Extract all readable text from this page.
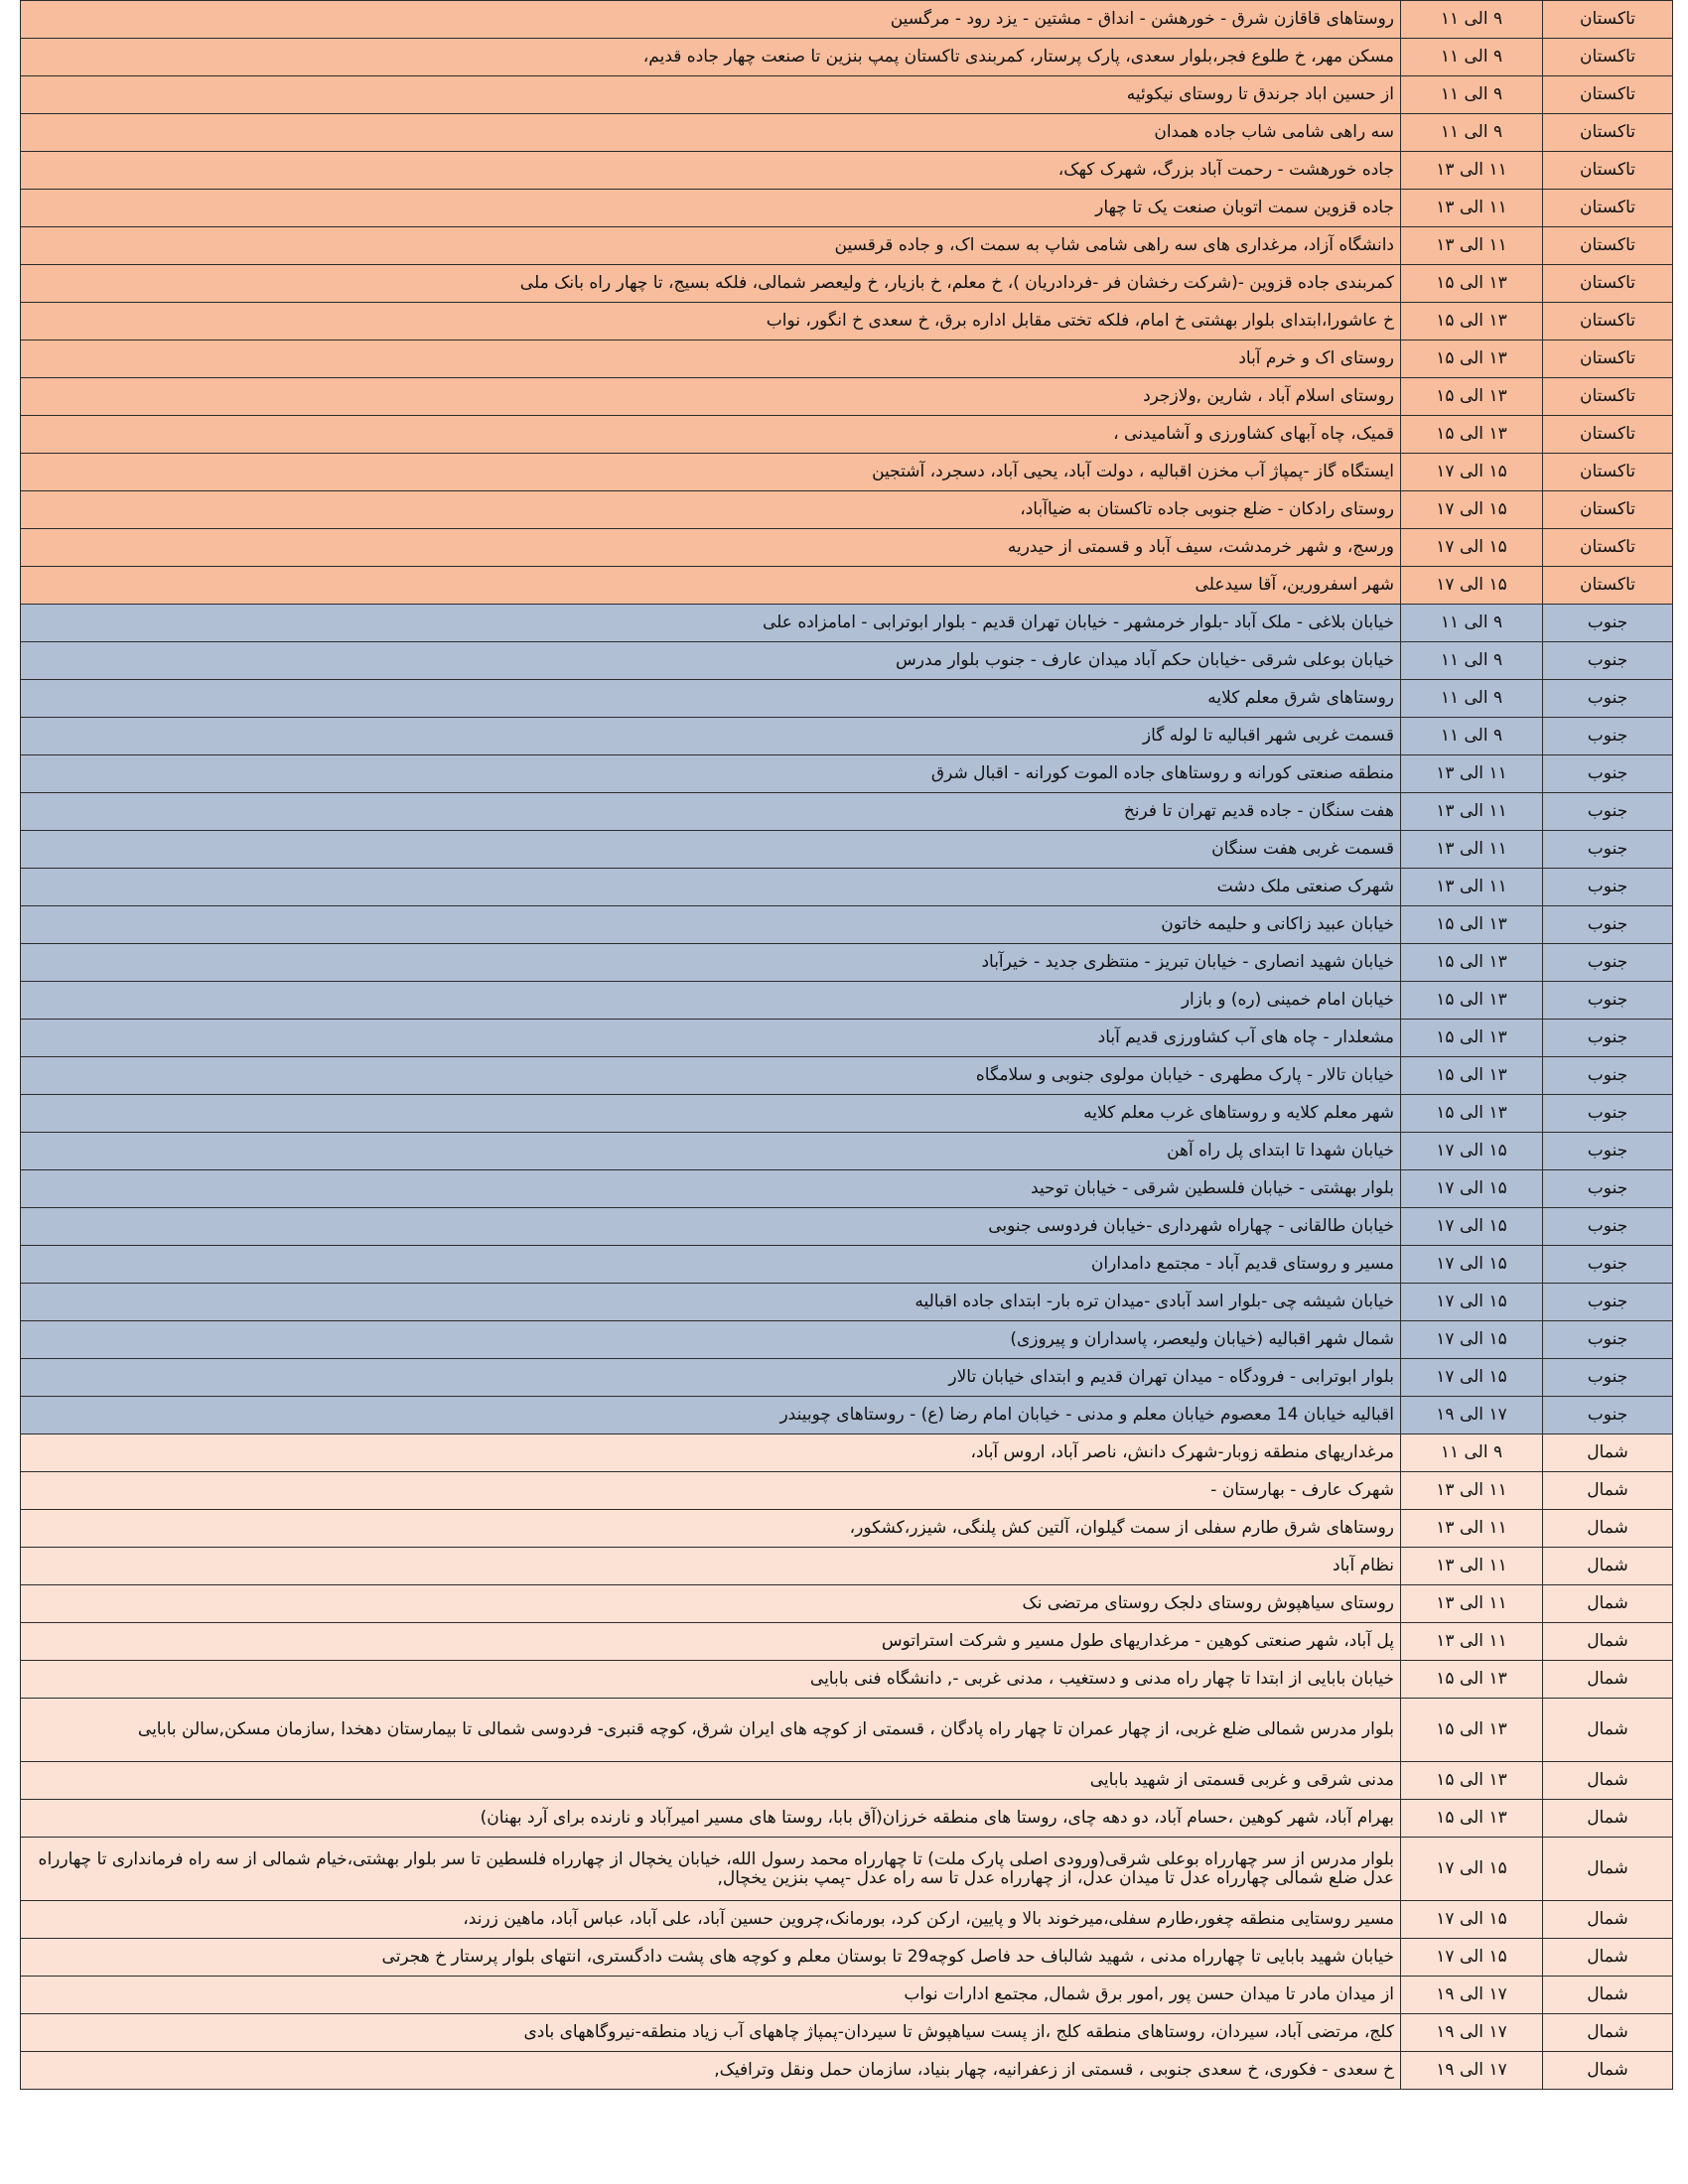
تاکستان	۹ الی ۱۱	روستاهای قاقازن شرق - خورهشن - انداق - مشتین - یزد رود - مرگسین
تاکستان	۹ الی ۱۱	مسکن مهر، خ طلوع فجر،بلوار سعدی، پارک پرستار، کمربندی تاکستان پمپ بنزین تا صنعت چهار جاده قدیم،
تاکستان	۹ الی ۱۱	از حسین اباد جرندق تا روستای نیکوئیه
تاکستان	۹ الی ۱۱	سه راهی شامی شاب جاده همدان
تاکستان	۱۱ الی ۱۳	جاده خورهشت - رحمت آباد بزرگ، شهرک کهک،
تاکستان	۱۱ الی ۱۳	جاده قزوین سمت اتوبان صنعت یک تا چهار
تاکستان	۱۱ الی ۱۳	دانشگاه آزاد، مرغداری های سه راهی شامی شاپ به سمت اک، و جاده قرقسین
تاکستان	۱۳ الی ۱۵	کمربندی جاده قزوین -(شرکت رخشان فر -فردادریان )، خ معلم، خ بازیار، خ ولیعصر شمالی، فلکه بسیج، تا چهار راه بانک ملی
تاکستان	۱۳ الی ۱۵	خ عاشورا،ابتدای بلوار بهشتی خ امام، فلکه تختی مقابل اداره برق، خ سعدی خ انگور، نواب
تاکستان	۱۳ الی ۱۵	روستای اک و خرم آباد
تاکستان	۱۳ الی ۱۵	روستای اسلام آباد ، شارین ,ولازجرد
تاکستان	۱۳ الی ۱۵	قمیک، چاه آبهای کشاورزی و آشامیدنی ،
تاکستان	۱۵ الی ۱۷	ایستگاه گاز -پمپاژ آب مخزن اقبالیه ، دولت آباد، یحیی آباد، دسجرد، آشتجین
تاکستان	۱۵ الی ۱۷	روستای رادکان - ضلع جنوبی جاده تاکستان به ضیاآباد،
تاکستان	۱۵ الی ۱۷	ورسج، و شهر خرمدشت، سیف آباد و قسمتی از حیدریه
تاکستان	۱۵ الی ۱۷	شهر اسفرورین، آقا سیدعلی
جنوب	۹ الی ۱۱	خیابان بلاغی - ملک آباد -بلوار خرمشهر - خیابان تهران قدیم - بلوار ابوترابی - امامزاده علی
جنوب	۹ الی ۱۱	خیابان بوعلی شرقی -خیابان حکم آباد میدان عارف - جنوب بلوار مدرس
جنوب	۹ الی ۱۱	روستاهای شرق معلم کلایه
جنوب	۹ الی ۱۱	قسمت غربی شهر اقبالیه تا لوله گاز
جنوب	۱۱ الی ۱۳	منطقه صنعتی کورانه و روستاهای جاده الموت کورانه - اقبال شرق
جنوب	۱۱ الی ۱۳	هفت سنگان - جاده قدیم تهران تا فرنخ
جنوب	۱۱ الی ۱۳	قسمت غربی هفت سنگان
جنوب	۱۱ الی ۱۳	شهرک صنعتی ملک دشت
جنوب	۱۳ الی ۱۵	خیابان عبید زاکانی و حلیمه خاتون
جنوب	۱۳ الی ۱۵	خیابان شهید انصاری - خیابان تبریز - منتظری جدید - خیرآباد
جنوب	۱۳ الی ۱۵	خیابان امام خمینی (ره) و بازار
جنوب	۱۳ الی ۱۵	مشعلدار - چاه های آب کشاورزی قدیم آباد
جنوب	۱۳ الی ۱۵	خیابان تالار - پارک مطهری - خیابان مولوی جنوبی و سلامگاه
جنوب	۱۳ الی ۱۵	شهر معلم کلایه و روستاهای غرب معلم کلایه
جنوب	۱۵ الی ۱۷	خیابان شهدا تا ابتدای پل راه آهن
جنوب	۱۵ الی ۱۷	بلوار بهشتی - خیابان فلسطین شرقی - خیابان توحید
جنوب	۱۵ الی ۱۷	خیابان طالقانی - چهاراه شهرداری -خیابان فردوسی جنوبی
جنوب	۱۵ الی ۱۷	مسیر و روستای قدیم آباد - مجتمع دامداران
جنوب	۱۵ الی ۱۷	خیابان شیشه چی -بلوار اسد آبادی -میدان تره بار- ابتدای جاده اقبالیه
جنوب	۱۵ الی ۱۷	شمال شهر اقبالیه (خیابان ولیعصر، پاسداران و پیروزی)
جنوب	۱۵ الی ۱۷	بلوار ابوترابی - فرودگاه - میدان تهران قدیم و ابتدای خیابان تالار
جنوب	۱۷ الی ۱۹	اقبالیه خیابان 14 معصوم خیابان معلم و مدنی - خیابان امام رضا (ع) - روستاهای چوبیندر
شمال	۹ الی ۱۱	مرغداریهای منطقه زوبار-شهرک دانش، ناصر آباد، اروس آباد،
شمال	۱۱ الی ۱۳	شهرک عارف - بهارستان -
شمال	۱۱ الی ۱۳	روستاهای شرق طارم سفلی از سمت گیلوان، آلتین کش پلنگی، شیزر،کشکور،
شمال	۱۱ الی ۱۳	نظام آباد
شمال	۱۱ الی ۱۳	روستای سیاهپوش روستای دلجک روستای مرتضی نک
شمال	۱۱ الی ۱۳	پل آباد، شهر صنعتی کوهین - مرغداریهای طول مسیر و شرکت استراتوس
شمال	۱۳ الی ۱۵	خیابان بابایی از ابتدا تا چهار راه مدنی و دستغیب ، مدنی غربی -, دانشگاه فنی بابایی
شمال	۱۳ الی ۱۵	بلوار مدرس شمالی ضلع غربی، از چهار عمران تا چهار راه پادگان ، قسمتی از کوچه های ایران شرق، کوچه قنبری- فردوسی شمالی تا بیمارستان دهخدا ,سازمان مسکن,سالن بابایی
شمال	۱۳ الی ۱۵	مدنی شرقی و غربی قسمتی از شهید بابایی
شمال	۱۳ الی ۱۵	بهرام آباد، شهر کوهین ،حسام آباد، دو دهه چای، روستا های منطقه خرزان(آق بابا، روستا های مسیر امیرآباد و نارنده برای آرد بهنان)
شمال	۱۵ الی ۱۷	بلوار مدرس از سر چهارراه بوعلی شرقی(ورودی اصلی پارک ملت) تا چهارراه محمد رسول الله، خیابان یخچال از چهارراه فلسطین تا سر بلوار بهشتی،خیام شمالی از سه راه فرمانداری تا چهارراه عدل ضلع شمالی چهارراه عدل تا میدان عدل، از چهارراه عدل تا سه راه عدل -پمپ بنزین یخچال,
شمال	۱۵ الی ۱۷	مسیر روستایی منطقه چغور،طارم سفلی،میرخوند بالا و پایین، ارکن کرد، بورمانک،چروین حسین آباد، علی آباد، عباس آباد، ماهین زرند،
شمال	۱۵ الی ۱۷	خیابان شهید بابایی تا چهارراه مدنی ، شهید شالباف حد فاصل کوچه29 تا بوستان معلم و کوچه های پشت دادگستری، انتهای بلوار پرستار خ هجرتی
شمال	۱۷ الی ۱۹	از میدان مادر تا میدان حسن پور ,امور برق شمال, مجتمع ادارات نواب
شمال	۱۷ الی ۱۹	کلج، مرتضی آباد، سیردان، روستاهای منطقه کلج ،از پست سیاهپوش تا سیردان-پمپاژ چاههای آب زیاد منطقه-نیروگاههای بادی
شمال	۱۷ الی ۱۹	خ سعدی - فکوری، خ سعدی جنوبی ، قسمتی از زعفرانیه، چهار بنیاد، سازمان حمل ونقل وترافیک,
